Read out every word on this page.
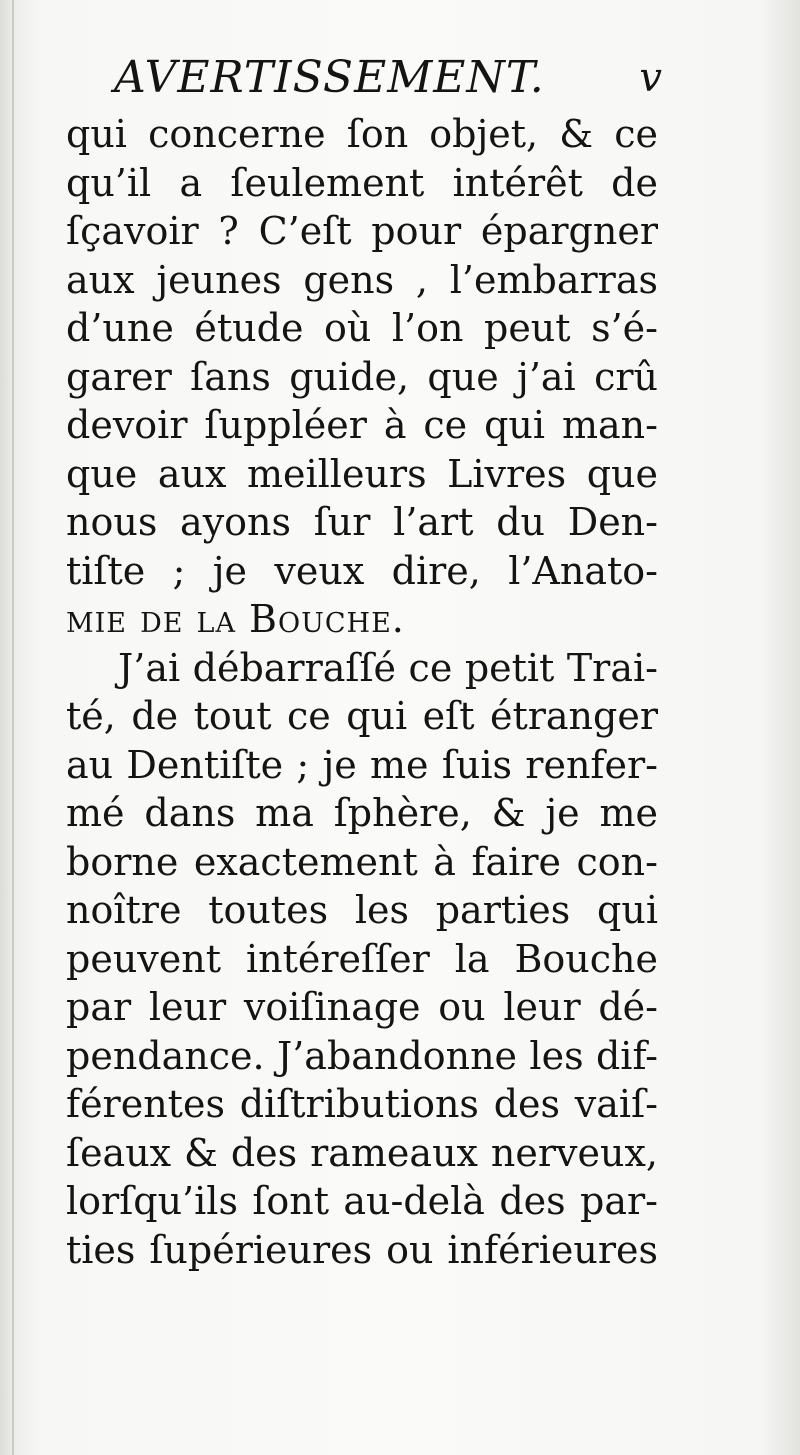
AVERTISSEMENT. v
qui concerne ſon objet, & ce
qu’il a ſeulement intérêt de
ſçavoir ? C’eſt pour épargner
aux jeunes gens , l’embarras
d’une étude où l’on peut s’é-
garer ſans guide, que j’ai crû
devoir ſuppléer à ce qui man-
que aux meilleurs Livres que
nous ayons ſur l’art du Den-
tiſte ; je veux dire, l’Anato-
mie de la Bouche.
J’ai débarraſſé ce petit Trai-
té, de tout ce qui eſt étranger
au Dentiſte ; je me ſuis renfer-
mé dans ma ſphère, & je me
borne exactement à faire con-
noître toutes les parties qui
peuvent intéreſſer la Bouche
par leur voiſinage ou leur dé-
pendance. J’abandonne les dif-
férentes diſtributions des vaiſ-
ſeaux & des rameaux nerveux,
lorſqu’ils ſont au-delà des par-
ties ſupérieures ou inférieures
